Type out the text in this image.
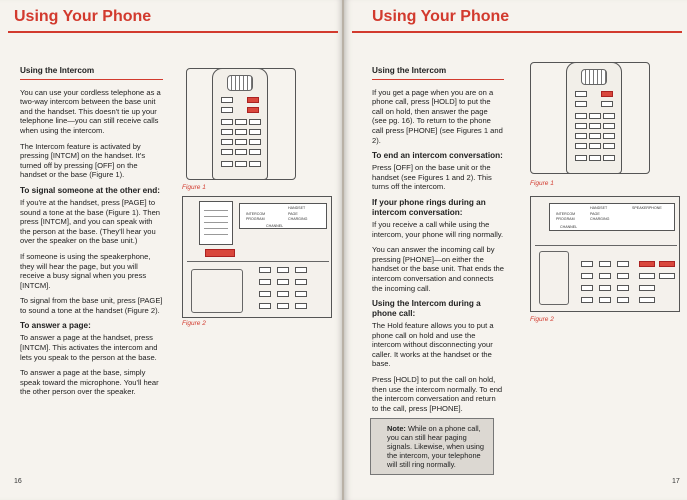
Using Your Phone
Using the Intercom

You can use your cordless telephone as a two-way intercom between the base unit and the handset. This doesn't tie up your telephone line—you can still receive calls when using the intercom.

The Intercom feature is activated by pressing [INTCM] on the handset. It's turned off by pressing [OFF] on the handset or the base (Figure 1).

To signal someone at the other end:

If you're at the handset, press [PAGE] to sound a tone at the base (Figure 1). Then press [INTCM], and you can speak with the person at the base. (They'll hear you over the speaker on the base unit.)

If someone is using the speakerphone, they will hear the page, but you will receive a busy signal when you press [INTCM].

To signal from the base unit, press [PAGE] to sound a tone at the handset (Figure 2).

To answer a page:

To answer a page at the handset, press [INTCM]. This activates the intercom and lets you speak to the person at the base.

To answer a page at the base, simply speak toward the microphone. You'll hear the other person over the speaker.

Figure 1
HANDSET
INTERCOM	PAGE
PROGRAM	CHARGING
CHANNEL
Figure 2
16
Using Your Phone
Using the Intercom

If you get a page when you are on a phone call, press [HOLD] to put the call on hold, then answer the page (see pg. 16). To return to the phone call press [PHONE] (see Figures 1 and 2).

To end an intercom conversation:

Press [OFF] on the base unit or the handset (see Figures 1 and 2). This turns off the intercom.

If your phone rings during an intercom conversation:

If you receive a call while using the intercom, your phone will ring normally.

You can answer the incoming call by pressing [PHONE]—on either the handset or the base unit. That ends the intercom conversation and connects the incoming call.

Using the Intercom during a phone call:

The Hold feature allows you to put a phone call on hold and use the intercom without disconnecting your caller. It works at the handset or the base.

Press [HOLD] to put the call on hold, then use the intercom normally. To end the intercom conversation and return to the call, press [PHONE].

Note: While on a phone call, you can still hear paging signals. Likewise, when using the intercom, your telephone will still ring normally.
Figure 1
HANDSET	SPEAKERPHONE
INTERCOM	PAGE
PROGRAM	CHARGING
CHANNEL
Figure 2
17
